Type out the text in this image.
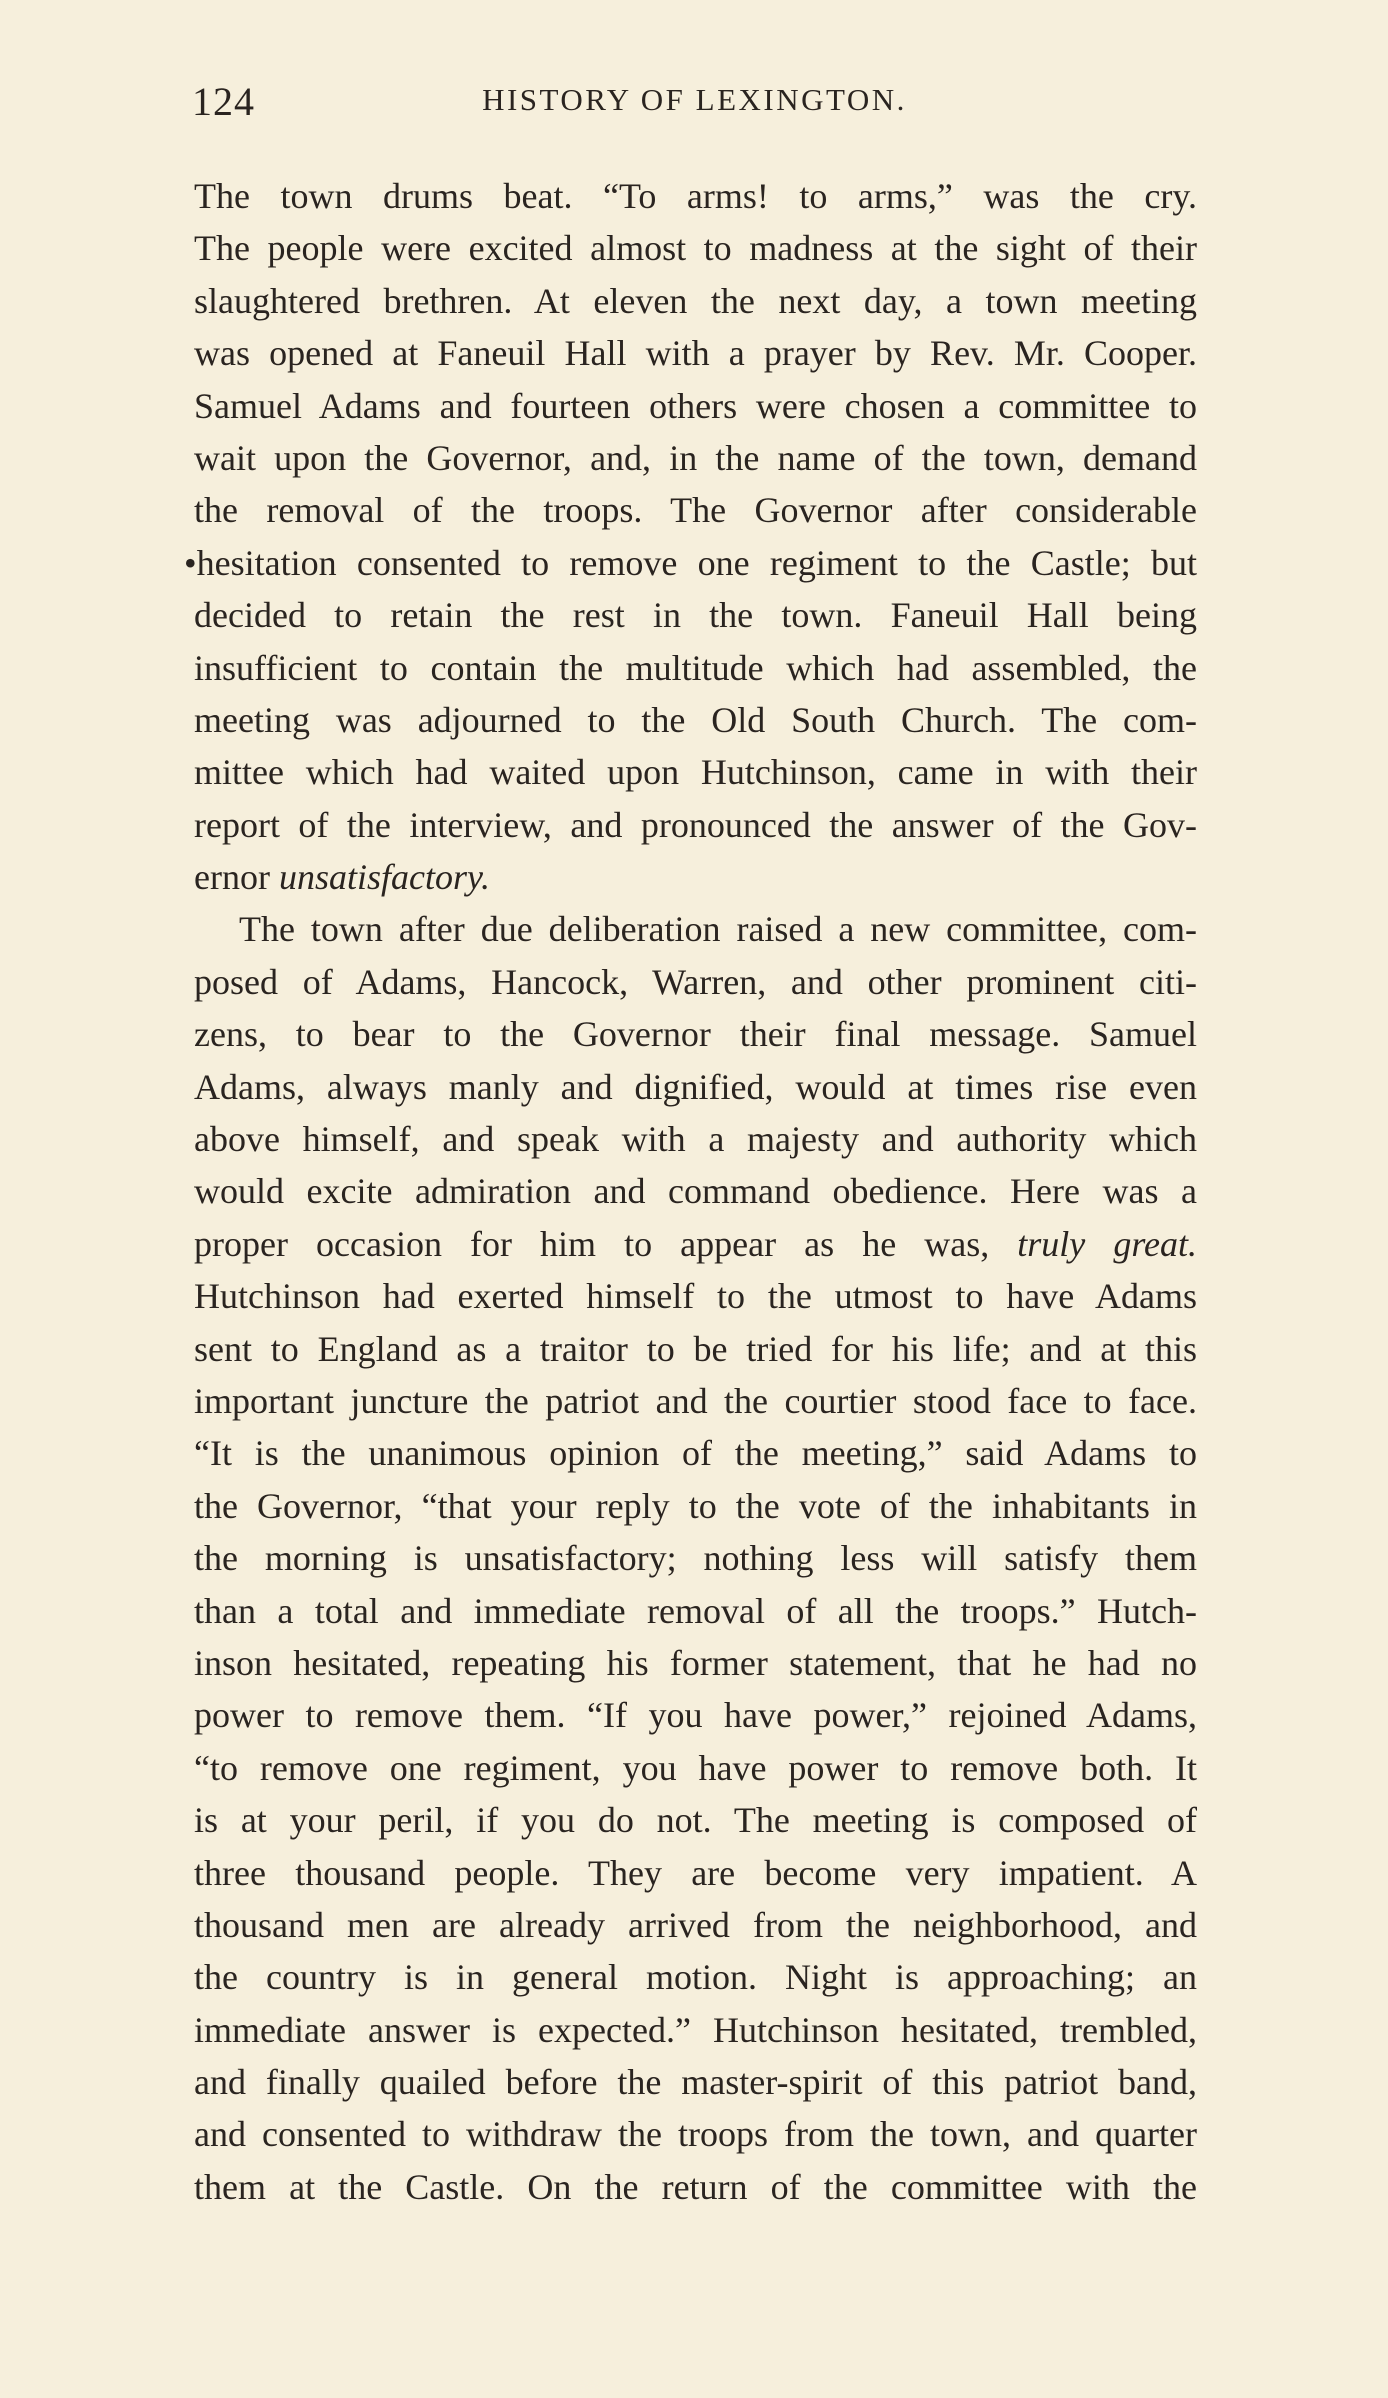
124	HISTORY OF LEXINGTON.
The town drums beat. “To arms! to arms,” was the cry.
The people were excited almost to madness at the sight of their
slaughtered brethren. At eleven the next day, a town meeting
was opened at Faneuil Hall with a prayer by Rev. Mr. Cooper.
Samuel Adams and fourteen others were chosen a committee to
wait upon the Governor, and, in the name of the town, demand
the removal of the troops. The Governor after considerable
•hesitation consented to remove one regiment to the Castle; but
decided to retain the rest in the town. Faneuil Hall being
insufficient to contain the multitude which had assembled, the
meeting was adjourned to the Old South Church. The com-
mittee which had waited upon Hutchinson, came in with their
report of the interview, and pronounced the answer of the Gov-
ernor unsatisfactory.
The town after due deliberation raised a new committee, com-
posed of Adams, Hancock, Warren, and other prominent citi-
zens, to bear to the Governor their final message. Samuel
Adams, always manly and dignified, would at times rise even
above himself, and speak with a majesty and authority which
would excite admiration and command obedience. Here was a
proper occasion for him to appear as he was, truly great.
Hutchinson had exerted himself to the utmost to have Adams
sent to England as a traitor to be tried for his life; and at this
important juncture the patriot and the courtier stood face to face.
“It is the unanimous opinion of the meeting,” said Adams to
the Governor, “that your reply to the vote of the inhabitants in
the morning is unsatisfactory; nothing less will satisfy them
than a total and immediate removal of all the troops.” Hutch-
inson hesitated, repeating his former statement, that he had no
power to remove them. “If you have power,” rejoined Adams,
“to remove one regiment, you have power to remove both. It
is at your peril, if you do not. The meeting is composed of
three thousand people. They are become very impatient. A
thousand men are already arrived from the neighborhood, and
the country is in general motion. Night is approaching; an
immediate answer is expected.” Hutchinson hesitated, trembled,
and finally quailed before the master-spirit of this patriot band,
and consented to withdraw the troops from the town, and quarter
them at the Castle. On the return of the committee with the
